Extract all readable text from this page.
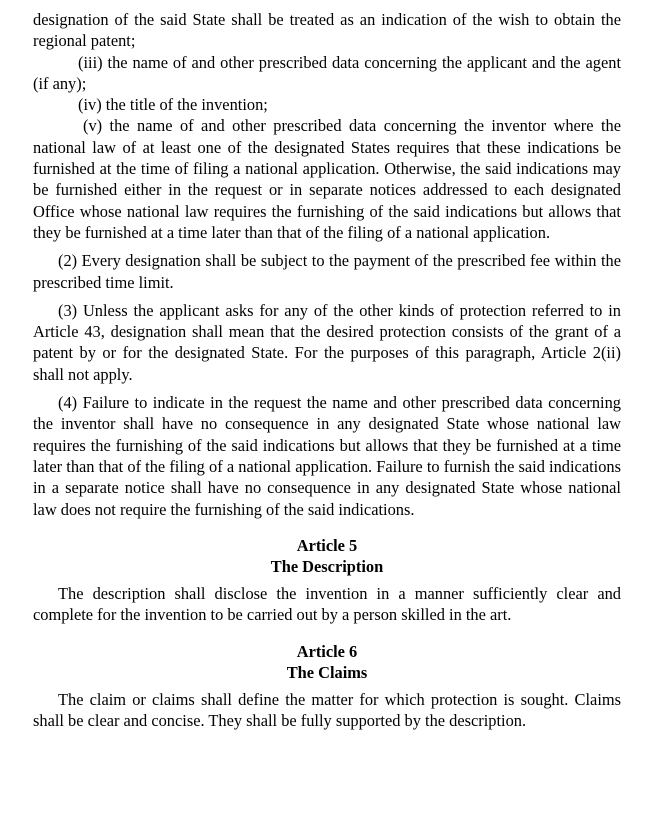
designation of the said State shall be treated as an indication of the wish to obtain the regional patent;

(iii) the name of and other prescribed data concerning the applicant and the agent (if any);

(iv) the title of the invention;

(v) the name of and other prescribed data concerning the inventor where the national law of at least one of the designated States requires that these indications be furnished at the time of filing a national application. Otherwise, the said indications may be furnished either in the request or in separate notices addressed to each designated Office whose national law requires the furnishing of the said indications but allows that they be furnished at a time later than that of the filing of a national application.

(2) Every designation shall be subject to the payment of the prescribed fee within the prescribed time limit.

(3) Unless the applicant asks for any of the other kinds of protection referred to in Article 43, designation shall mean that the desired protection consists of the grant of a patent by or for the designated State. For the purposes of this paragraph, Article 2(ii) shall not apply.

(4) Failure to indicate in the request the name and other prescribed data concerning the inventor shall have no consequence in any designated State whose national law requires the furnishing of the said indications but allows that they be furnished at a time later than that of the filing of a national application. Failure to furnish the said indications in a separate notice shall have no consequence in any designated State whose national law does not require the furnishing of the said indications.

Article 5

The Description

The description shall disclose the invention in a manner sufficiently clear and complete for the invention to be carried out by a person skilled in the art.

Article 6

The Claims

The claim or claims shall define the matter for which protection is sought. Claims shall be clear and concise. They shall be fully supported by the description.
